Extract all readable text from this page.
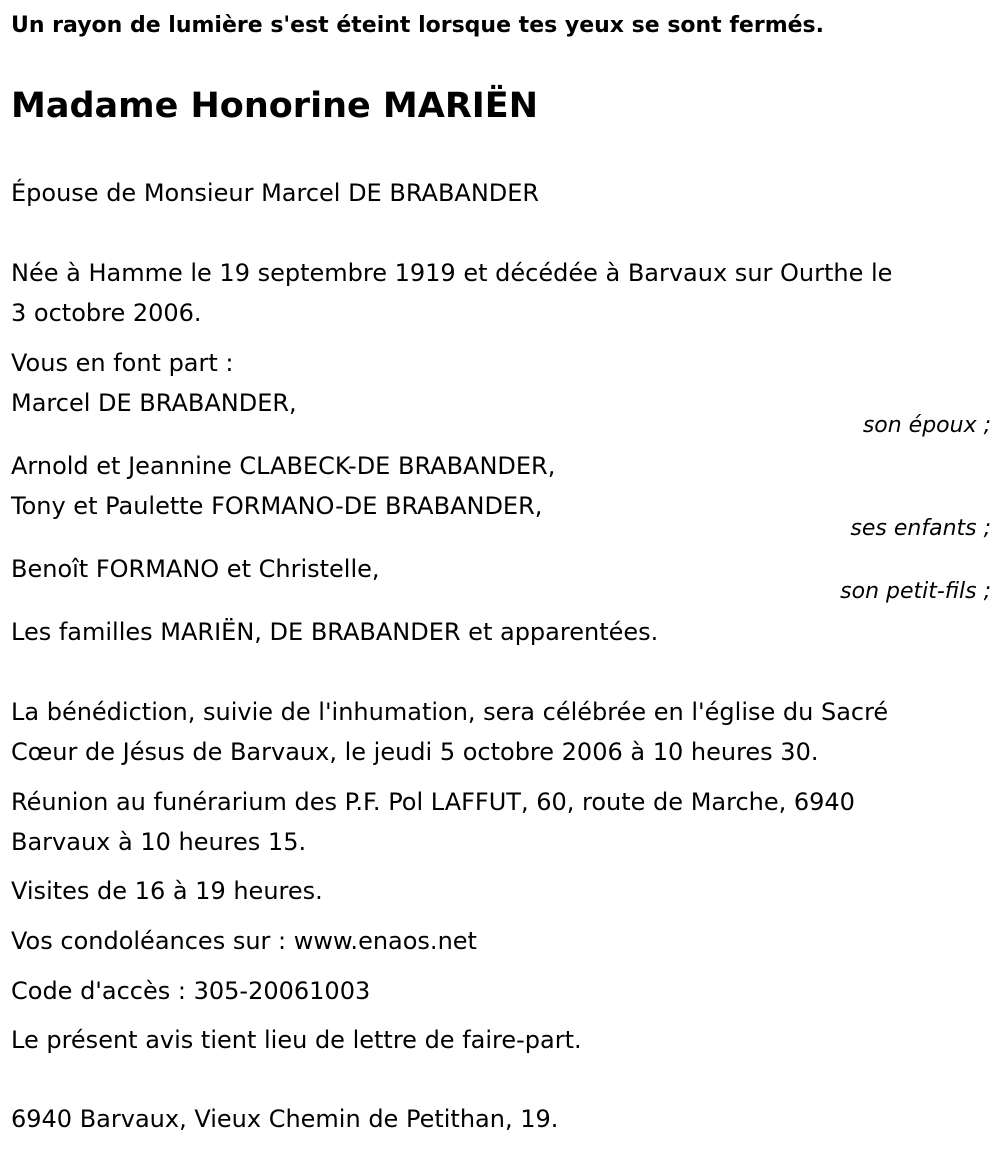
Un rayon de lumière s'est éteint lorsque tes yeux se sont fermés.
Madame Honorine MARIËN
Épouse de Monsieur Marcel DE BRABANDER
Née à Hamme le 19 septembre 1919 et décédée à Barvaux sur Ourthe le
3 octobre 2006.
Vous en font part :
Marcel DE BRABANDER,
son époux ;
Arnold et Jeannine CLABECK-DE BRABANDER,
Tony et Paulette FORMANO-DE BRABANDER,
ses enfants ;
Benoît FORMANO et Christelle,
son petit-fils ;
Les familles MARIËN, DE BRABANDER et apparentées.
La bénédiction, suivie de l'inhumation, sera célébrée en l'église du Sacré
Cœur de Jésus de Barvaux, le jeudi 5 octobre 2006 à 10 heures 30.
Réunion au funérarium des P.F. Pol LAFFUT, 60, route de Marche, 6940
Barvaux à 10 heures 15.
Visites de 16 à 19 heures.
Vos condoléances sur : www.enaos.net
Code d'accès : 305-20061003
Le présent avis tient lieu de lettre de faire-part.
6940 Barvaux, Vieux Chemin de Petithan, 19.
